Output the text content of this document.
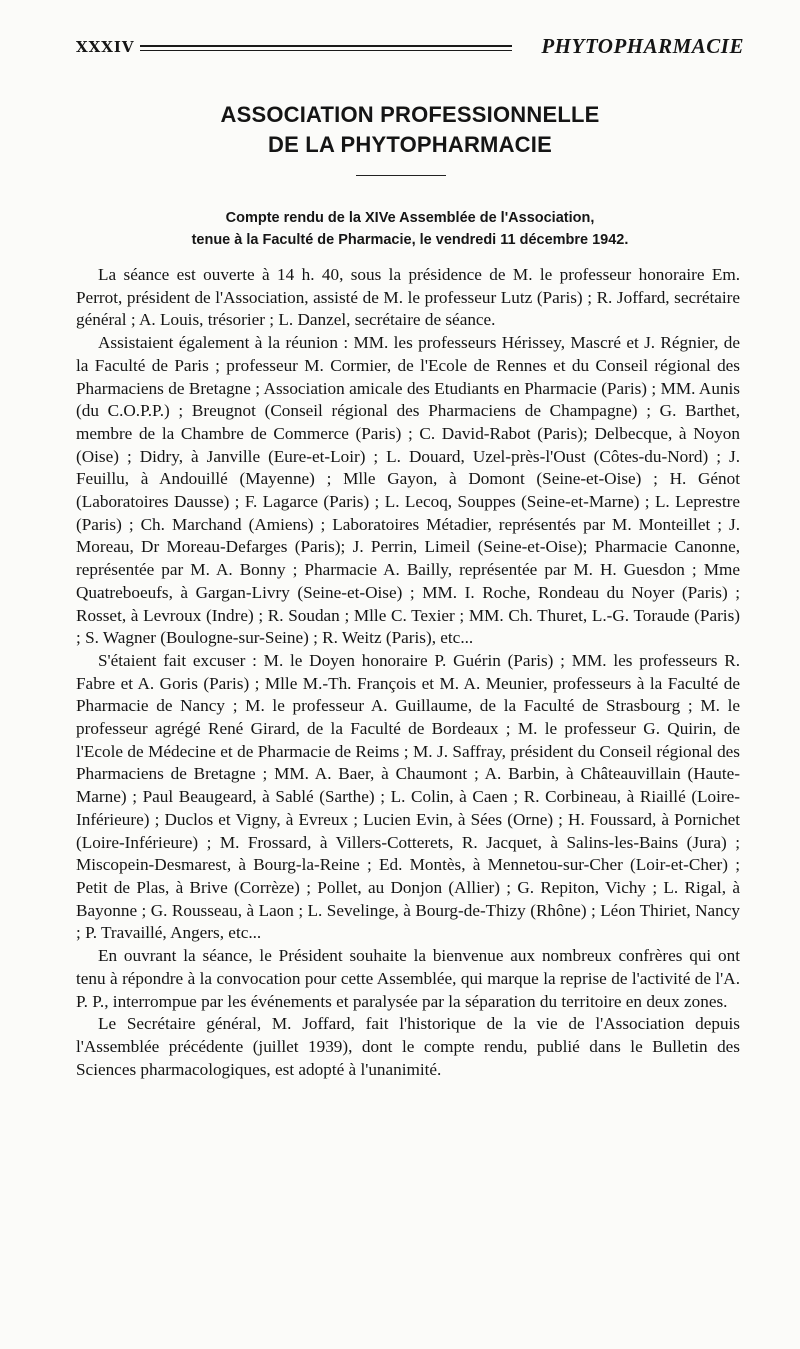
XXXIV	PHYTOPHARMACIE
ASSOCIATION PROFESSIONNELLE
DE LA PHYTOPHARMACIE
Compte rendu de la XIVe Assemblée de l'Association,
tenue à la Faculté de Pharmacie, le vendredi 11 décembre 1942.

La séance est ouverte à 14 h. 40, sous la présidence de M. le professeur honoraire Em. Perrot, président de l'Association, assisté de M. le professeur Lutz (Paris) ; R. Joffard, secrétaire général ; A. Louis, trésorier ; L. Danzel, secrétaire de séance.

Assistaient également à la réunion : MM. les professeurs Hérissey, Mascré et J. Régnier, de la Faculté de Paris ; professeur M. Cormier, de l'Ecole de Rennes et du Conseil régional des Pharmaciens de Bretagne ; Association amicale des Etudiants en Pharmacie (Paris) ; MM. Aunis (du C.O.P.P.) ; Breugnot (Conseil régional des Pharmaciens de Champagne) ; G. Barthet, membre de la Chambre de Commerce (Paris) ; C. David-Rabot (Paris); Delbecque, à Noyon (Oise) ; Didry, à Janville (Eure-et-Loir) ; L. Douard, Uzel-près-l'Oust (Côtes-du-Nord) ; J. Feuillu, à Andouillé (Mayenne) ; Mlle Gayon, à Domont (Seine-et-Oise) ; H. Génot (Laboratoires Dausse) ; F. Lagarce (Paris) ; L. Lecoq, Souppes (Seine-et-Marne) ; L. Leprestre (Paris) ; Ch. Marchand (Amiens) ; Laboratoires Métadier, représentés par M. Monteillet ; J. Moreau, Dr Moreau-Defarges (Paris); J. Perrin, Limeil (Seine-et-Oise); Pharmacie Canonne, représentée par M. A. Bonny ; Pharmacie A. Bailly, représentée par M. H. Guesdon ; Mme Quatreboeufs, à Gargan-Livry (Seine-et-Oise) ; MM. I. Roche, Rondeau du Noyer (Paris) ; Rosset, à Levroux (Indre) ; R. Soudan ; Mlle C. Texier ; MM. Ch. Thuret, L.-G. Toraude (Paris) ; S. Wagner (Boulogne-sur-Seine) ; R. Weitz (Paris), etc...

S'étaient fait excuser : M. le Doyen honoraire P. Guérin (Paris) ; MM. les professeurs R. Fabre et A. Goris (Paris) ; Mlle M.-Th. François et M. A. Meunier, professeurs à la Faculté de Pharmacie de Nancy ; M. le professeur A. Guillaume, de la Faculté de Strasbourg ; M. le professeur agrégé René Girard, de la Faculté de Bordeaux ; M. le professeur G. Quirin, de l'Ecole de Médecine et de Pharmacie de Reims ; M. J. Saffray, président du Conseil régional des Pharmaciens de Bretagne ; MM. A. Baer, à Chaumont ; A. Barbin, à Châteauvillain (Haute-Marne) ; Paul Beaugeard, à Sablé (Sarthe) ; L. Colin, à Caen ; R. Corbineau, à Riaillé (Loire-Inférieure) ; Duclos et Vigny, à Evreux ; Lucien Evin, à Sées (Orne) ; H. Foussard, à Pornichet (Loire-Inférieure) ; M. Frossard, à Villers-Cotterets, R. Jacquet, à Salins-les-Bains (Jura) ; Miscopein-Desmarest, à Bourg-la-Reine ; Ed. Montès, à Mennetou-sur-Cher (Loir-et-Cher) ; Petit de Plas, à Brive (Corrèze) ; Pollet, au Donjon (Allier) ; G. Repiton, Vichy ; L. Rigal, à Bayonne ; G. Rousseau, à Laon ; L. Sevelinge, à Bourg-de-Thizy (Rhône) ; Léon Thiriet, Nancy ; P. Travaillé, Angers, etc...

En ouvrant la séance, le Président souhaite la bienvenue aux nombreux confrères qui ont tenu à répondre à la convocation pour cette Assemblée, qui marque la reprise de l'activité de l'A. P. P., interrompue par les événements et paralysée par la séparation du territoire en deux zones.

Le Secrétaire général, M. Joffard, fait l'historique de la vie de l'Association depuis l'Assemblée précédente (juillet 1939), dont le compte rendu, publié dans le Bulletin des Sciences pharmacologiques, est adopté à l'unanimité.
